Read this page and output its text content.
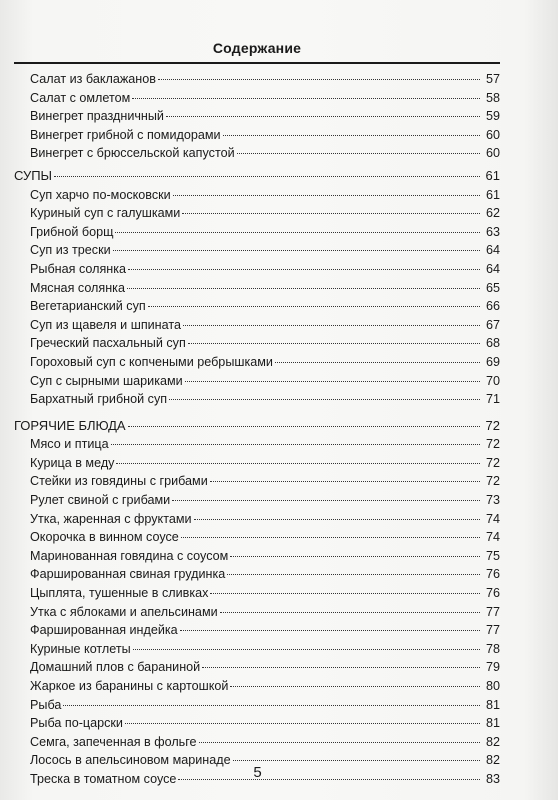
Содержание
Салат из баклажанов	57
Салат с омлетом	58
Винегрет праздничный	59
Винегрет грибной с помидорами	60
Винегрет с брюссельской капустой	60
СУПЫ	61
Суп харчо по-московски	61
Куриный суп с галушками	62
Грибной борщ	63
Суп из трески	64
Рыбная солянка	64
Мясная солянка	65
Вегетарианский суп	66
Суп из щавеля и шпината	67
Греческий пасхальный суп	68
Гороховый суп с копчеными ребрышками	69
Суп с сырными шариками	70
Бархатный грибной суп	71
ГОРЯЧИЕ БЛЮДА	72
Мясо и птица	72
Курица в меду	72
Стейки из говядины с грибами	72
Рулет свиной с грибами	73
Утка, жаренная с фруктами	74
Окорочка в винном соусе	74
Маринованная говядина с соусом	75
Фаршированная свиная грудинка	76
Цыплята, тушенные в сливках	76
Утка с яблоками и апельсинами	77
Фаршированная индейка	77
Куриные котлеты	78
Домашний плов с бараниной	79
Жаркое из баранины с картошкой	80
Рыба	81
Рыба по-царски	81
Семга, запеченная в фольге	82
Лосось в апельсиновом маринаде	82
Треска в томатном соусе	83
5
